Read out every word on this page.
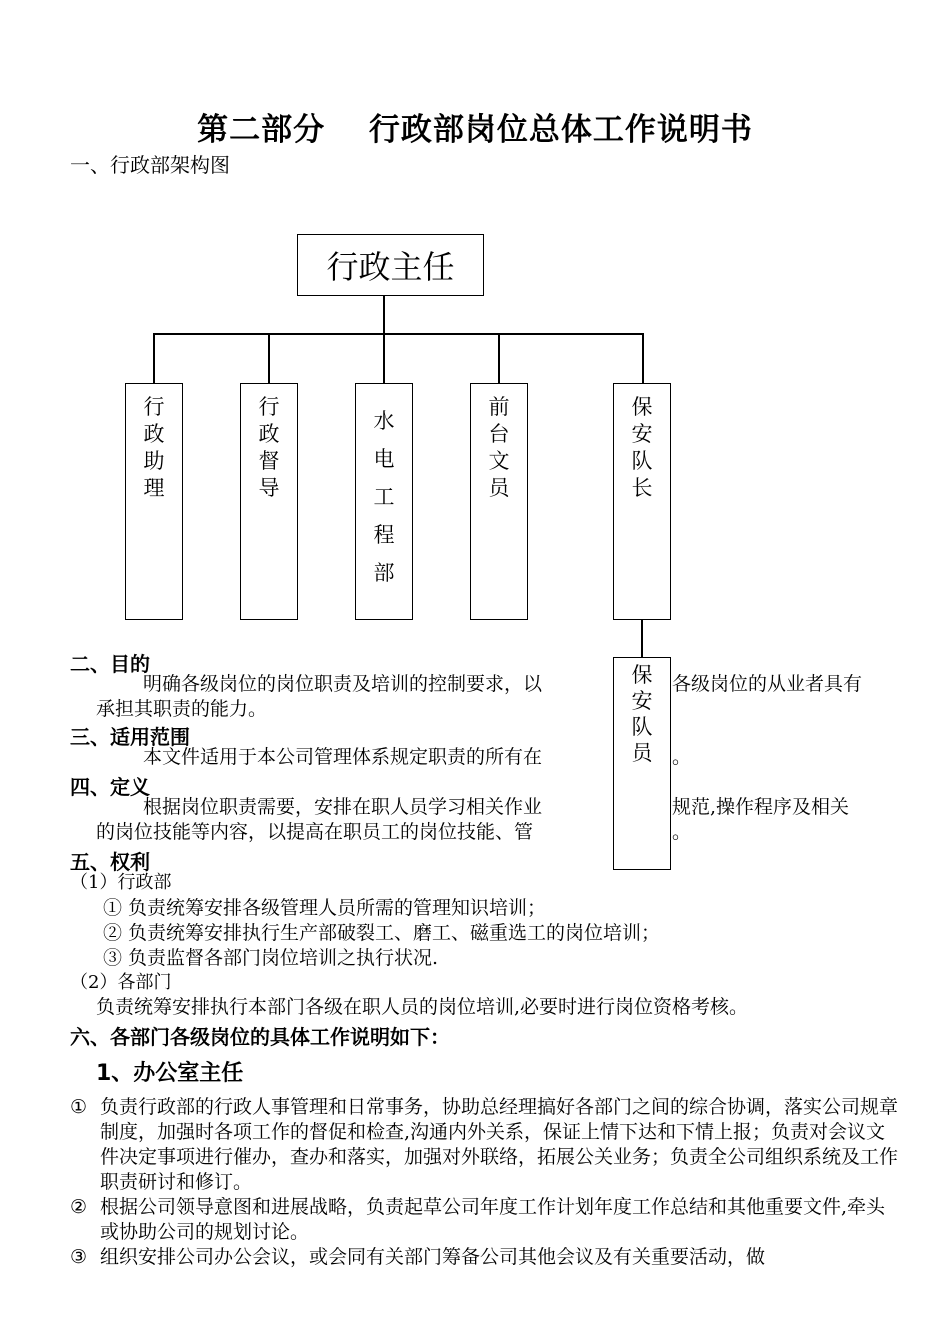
第二部分　 行政部岗位总体工作说明书
一、行政部架构图
行政主任
行
政
助
理
行
政
督
导
水
电
工
程
部
前
台
文
员
保
安
队
长
二、目的
明确各级岗位的岗位职责及培训的控制要求，以	各级岗位的从业者具有
承担其职责的能力。
三、适用范围
本文件适用于本公司管理体系规定职责的所有在	。
四、定义
根据岗位职责需要，安排在职人员学习相关作业	规范,操作程序及相关
的岗位技能等内容，以提高在职员工的岗位技能、管	。
保
安
队
员
五、权利
（1）行政部
① 负责统筹安排各级管理人员所需的管理知识培训；
② 负责统筹安排执行生产部破裂工、磨工、磁重选工的岗位培训；
③ 负责监督各部门岗位培训之执行状况.
（2）各部门
负责统筹安排执行本部门各级在职人员的岗位培训,必要时进行岗位资格考核。
六、各部门各级岗位的具体工作说明如下：
1、办公室主任
① 负责行政部的行政人事管理和日常事务，协助总经理搞好各部门之间的综合协调，落实公司规章制度，加强时各项工作的督促和检查,沟通内外关系，保证上情下达和下情上报；负责对会议文件决定事项进行催办，查办和落实，加强对外联络，拓展公关业务；负责全公司组织系统及工作职责研讨和修订。
② 根据公司领导意图和进展战略，负责起草公司年度工作计划年度工作总结和其他重要文件,牵头或协助公司的规划讨论。
③ 组织安排公司办公会议，或会同有关部门筹备公司其他会议及有关重要活动，做
